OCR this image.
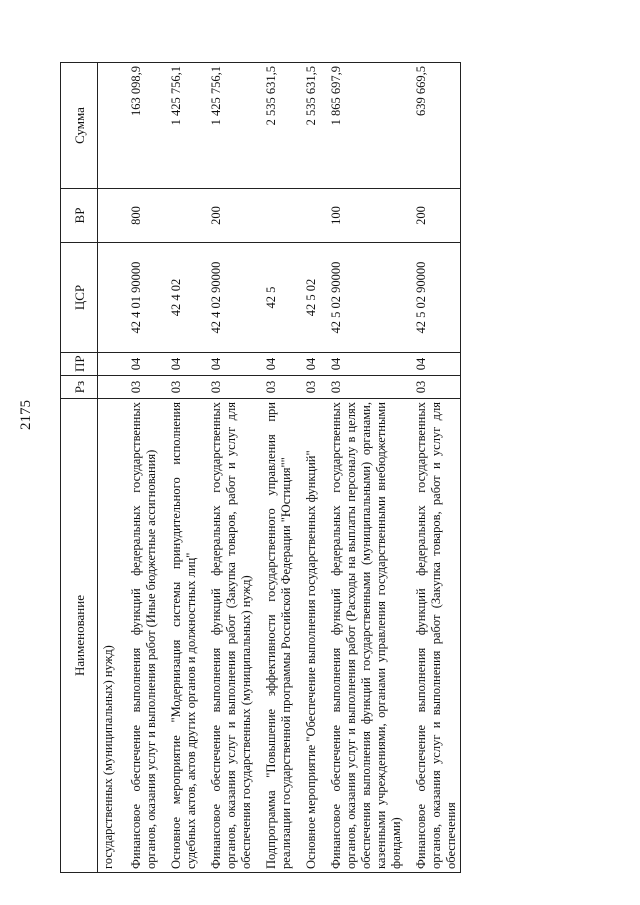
2175
Наименование	Рз	ПР	ЦСР	ВР	Сумма
государственных (муниципальных) нужд)					
Финансовое обеспечение выполнения функций федеральных государственных органов, оказания услуг и выполнения работ (Иные бюджетные ассигнования)	03	04	42 4 01 90000	800	163 098,9
Основное мероприятие "Модернизация системы принудительного исполнения судебных актов, актов других органов и должностных лиц"	03	04	42 4 02		1 425 756,1
Финансовое обеспечение выполнения функций федеральных государственных органов, оказания услуг и выполнения работ (Закупка товаров, работ и услуг для обеспечения государственных (муниципальных) нужд)	03	04	42 4 02 90000	200	1 425 756,1
Подпрограмма "Повышение эффективности государственного управления при реализации государственной программы Российской Федерации "Юстиция""	03	04	42 5		2 535 631,5
Основное мероприятие "Обеспечение выполнения государственных функций"	03	04	42 5 02		2 535 631,5
Финансовое обеспечение выполнения функций федеральных государственных органов, оказания услуг и выполнения работ (Расходы на выплаты персоналу в целях обеспечения выполнения функций государственными (муниципальными) органами, казенными учреждениями, органами управления государственными внебюджетными фондами)	03	04	42 5 02 90000	100	1 865 697,9
Финансовое обеспечение выполнения функций федеральных государственных органов, оказания услуг и выполнения работ (Закупка товаров, работ и услуг для обеспечения	03	04	42 5 02 90000	200	639 669,5
